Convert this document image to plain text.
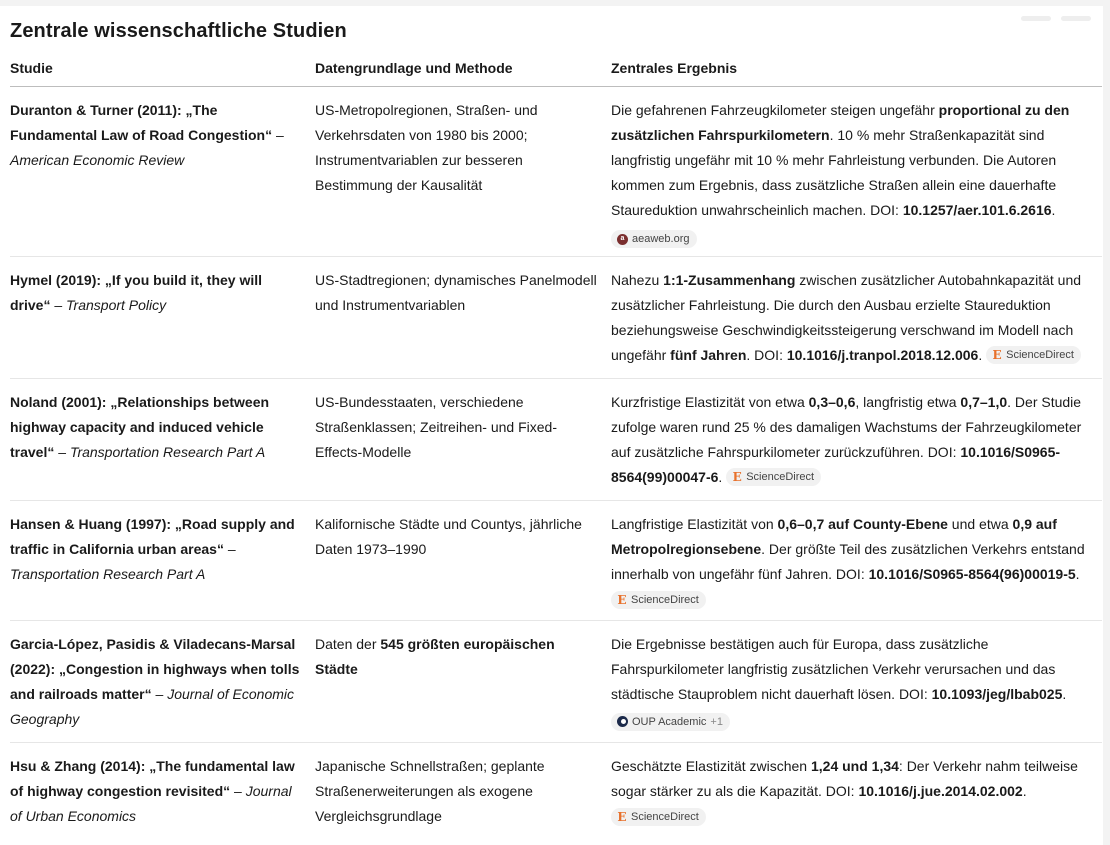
Zentrale wissenschaftliche Studien
Studie	Datengrundlage und Methode	Zentrales Ergebnis
Duranton & Turner (2011): „The Fundamental Law of Road Congestion“ – American Economic Review	US-Metropolregionen, Straßen- und Verkehrsdaten von 1980 bis 2000; Instrumentvariablen zur besseren Bestimmung der Kausalität	Die gefahrenen Fahrzeugkilometer steigen ungefähr proportional zu den zusätzlichen Fahrspurkilometern. 10 % mehr Straßenkapazität sind langfristig ungefähr mit 10 % mehr Fahrleistung verbunden. Die Autoren kommen zum Ergebnis, dass zusätzliche Straßen allein eine dauerhafte Staureduktion unwahrscheinlich machen. DOI: 10.1257/aer.101.6.2616.
a aeaweb.org

Hymel (2019): „If you build it, they will drive“ – Transport Policy	US-Stadtregionen; dynamisches Panelmodell und Instrumentvariablen	Nahezu 1:1-Zusammenhang zwischen zusätzlicher Autobahnkapazität und zusätzlicher Fahrleistung. Die durch den Ausbau erzielte Staureduktion beziehungsweise Geschwindigkeitssteigerung verschwand im Modell nach ungefähr fünf Jahren. DOI: 10.1016/j.tranpol.2018.12.006. E ScienceDirect

Noland (2001): „Relationships between highway capacity and induced vehicle travel“ – Transportation Research Part A	US-Bundesstaaten, verschiedene Straßenklassen; Zeitreihen- und Fixed-Effects-Modelle	Kurzfristige Elastizität von etwa 0,3–0,6, langfristig etwa 0,7–1,0. Der Studie zufolge waren rund 25 % des damaligen Wachstums der Fahrzeugkilometer auf zusätzliche Fahrspurkilometer zurückzuführen. DOI: 10.1016/S0965-8564(99)00047-6. E ScienceDirect

Hansen & Huang (1997): „Road supply and traffic in California urban areas“ – Transportation Research Part A	Kalifornische Städte und Countys, jährliche Daten 1973–1990	Langfristige Elastizität von 0,6–0,7 auf County-Ebene und etwa 0,9 auf Metropolregionsebene. Der größte Teil des zusätzlichen Verkehrs entstand innerhalb von ungefähr fünf Jahren. DOI: 10.1016/S0965-8564(96)00019-5.
E ScienceDirect

Garcia-López, Pasidis & Viladecans-Marsal (2022): „Congestion in highways when tolls and railroads matter“ – Journal of Economic Geography	Daten der 545 größten europäischen Städte	Die Ergebnisse bestätigen auch für Europa, dass zusätzliche Fahrspurkilometer langfristig zusätzlichen Verkehr verursachen und das städtische Stauproblem nicht dauerhaft lösen. DOI: 10.1093/jeg/lbab025.
OUP Academic +1

Hsu & Zhang (2014): „The fundamental law of highway congestion revisited“ – Journal of Urban Economics	Japanische Schnellstraßen; geplante Straßenerweiterungen als exogene Vergleichsgrundlage	Geschätzte Elastizität zwischen 1,24 und 1,34: Der Verkehr nahm teilweise sogar stärker zu als die Kapazität. DOI: 10.1016/j.jue.2014.02.002.
E ScienceDirect
